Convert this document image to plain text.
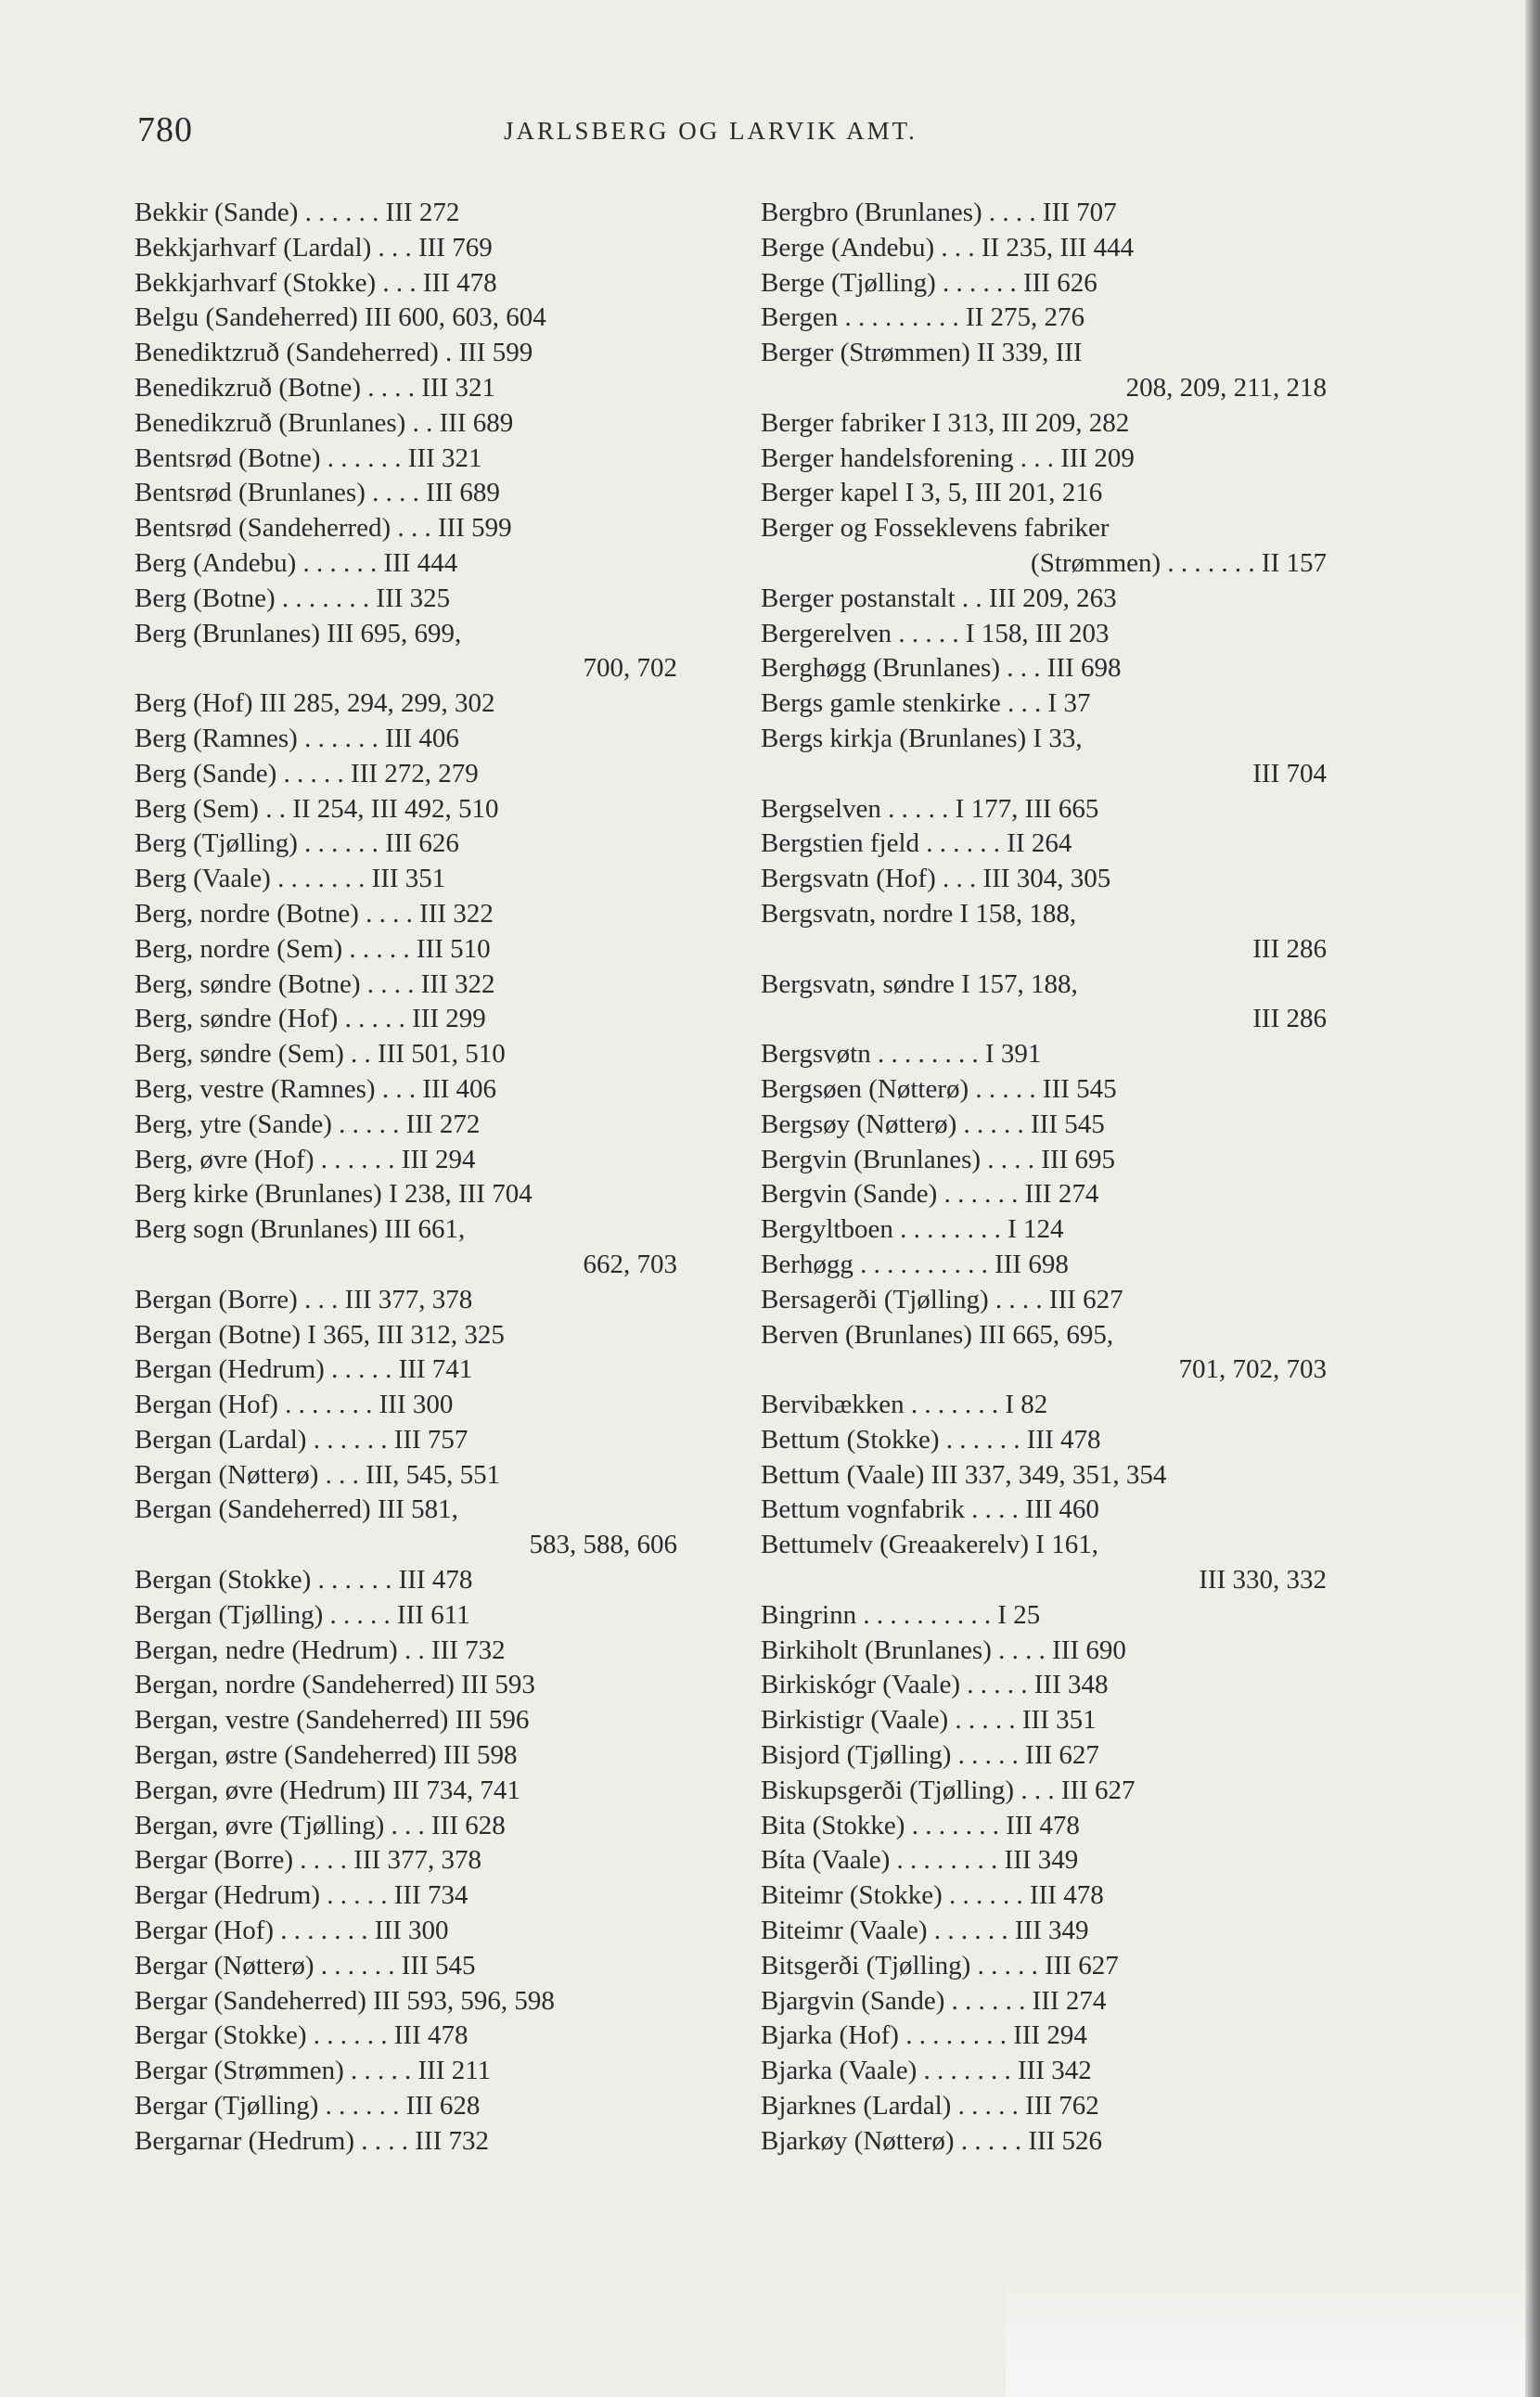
780	JARLSBERG OG LARVIK AMT.
Bekkir (Sande) . . . . . . III 272
Bekkjarhvarf (Lardal) . . . III 769
Bekkjarhvarf (Stokke) . . . III 478
Belgu (Sandeherred) III 600, 603, 604
Benediktzruð (Sandeherred) . III 599
Benedikzruð (Botne) . . . . III 321
Benedikzruð (Brunlanes) . . III 689
Bentsrød (Botne) . . . . . . III 321
Bentsrød (Brunlanes) . . . . III 689
Bentsrød (Sandeherred) . . . III 599
Berg (Andebu) . . . . . . III 444
Berg (Botne) . . . . . . . III 325
Berg (Brunlanes) III 695, 699,
700, 702
Berg (Hof) III 285, 294, 299, 302
Berg (Ramnes) . . . . . . III 406
Berg (Sande) . . . . . III 272, 279
Berg (Sem) . . II 254, III 492, 510
Berg (Tjølling) . . . . . . III 626
Berg (Vaale) . . . . . . . III 351
Berg, nordre (Botne) . . . . III 322
Berg, nordre (Sem) . . . . . III 510
Berg, søndre (Botne) . . . . III 322
Berg, søndre (Hof) . . . . . III 299
Berg, søndre (Sem) . . III 501, 510
Berg, vestre (Ramnes) . . . III 406
Berg, ytre (Sande) . . . . . III 272
Berg, øvre (Hof) . . . . . . III 294
Berg kirke (Brunlanes) I 238, III 704
Berg sogn (Brunlanes) III 661,
662, 703
Bergan (Borre) . . . III 377, 378
Bergan (Botne) I 365, III 312, 325
Bergan (Hedrum) . . . . . III 741
Bergan (Hof) . . . . . . . III 300
Bergan (Lardal) . . . . . . III 757
Bergan (Nøtterø) . . . III, 545, 551
Bergan (Sandeherred) III 581,
583, 588, 606
Bergan (Stokke) . . . . . . III 478
Bergan (Tjølling) . . . . . III 611
Bergan, nedre (Hedrum) . . III 732
Bergan, nordre (Sandeherred) III 593
Bergan, vestre (Sandeherred) III 596
Bergan, østre (Sandeherred) III 598
Bergan, øvre (Hedrum) III 734, 741
Bergan, øvre (Tjølling) . . . III 628
Bergar (Borre) . . . . III 377, 378
Bergar (Hedrum) . . . . . III 734
Bergar (Hof) . . . . . . . III 300
Bergar (Nøtterø) . . . . . . III 545
Bergar (Sandeherred) III 593, 596, 598
Bergar (Stokke) . . . . . . III 478
Bergar (Strømmen) . . . . . III 211
Bergar (Tjølling) . . . . . . III 628
Bergarnar (Hedrum) . . . . III 732
Bergbro (Brunlanes) . . . . III 707
Berge (Andebu) . . . II 235, III 444
Berge (Tjølling) . . . . . . III 626
Bergen . . . . . . . . . II 275, 276
Berger (Strømmen) II 339, III
208, 209, 211, 218
Berger fabriker I 313, III 209, 282
Berger handelsforening . . . III 209
Berger kapel I 3, 5, III 201, 216
Berger og Fosseklevens fabriker
(Strømmen) . . . . . . . II 157
Berger postanstalt . . III 209, 263
Bergerelven . . . . . I 158, III 203
Berghøgg (Brunlanes) . . . III 698
Bergs gamle stenkirke . . . I 37
Bergs kirkja (Brunlanes) I 33,
III 704
Bergselven . . . . . I 177, III 665
Bergstien fjeld . . . . . . II 264
Bergsvatn (Hof) . . . III 304, 305
Bergsvatn, nordre I 158, 188,
III 286
Bergsvatn, søndre I 157, 188,
III 286
Bergsvøtn . . . . . . . . I 391
Bergsøen (Nøtterø) . . . . . III 545
Bergsøy (Nøtterø) . . . . . III 545
Bergvin (Brunlanes) . . . . III 695
Bergvin (Sande) . . . . . . III 274
Bergyltboen . . . . . . . . I 124
Berhøgg . . . . . . . . . . III 698
Bersagerði (Tjølling) . . . . III 627
Berven (Brunlanes) III 665, 695,
701, 702, 703
Bervibækken . . . . . . . I 82
Bettum (Stokke) . . . . . . III 478
Bettum (Vaale) III 337, 349, 351, 354
Bettum vognfabrik . . . . III 460
Bettumelv (Greaakerelv) I 161,
III 330, 332
Bingrinn . . . . . . . . . . I 25
Birkiholt (Brunlanes) . . . . III 690
Birkiskógr (Vaale) . . . . . III 348
Birkistigr (Vaale) . . . . . III 351
Bisjord (Tjølling) . . . . . III 627
Biskupsgerði (Tjølling) . . . III 627
Bita (Stokke) . . . . . . . III 478
Bíta (Vaale) . . . . . . . . III 349
Biteimr (Stokke) . . . . . . III 478
Biteimr (Vaale) . . . . . . III 349
Bitsgerði (Tjølling) . . . . . III 627
Bjargvin (Sande) . . . . . . III 274
Bjarka (Hof) . . . . . . . . III 294
Bjarka (Vaale) . . . . . . . III 342
Bjarknes (Lardal) . . . . . III 762
Bjarkøy (Nøtterø) . . . . . III 526
